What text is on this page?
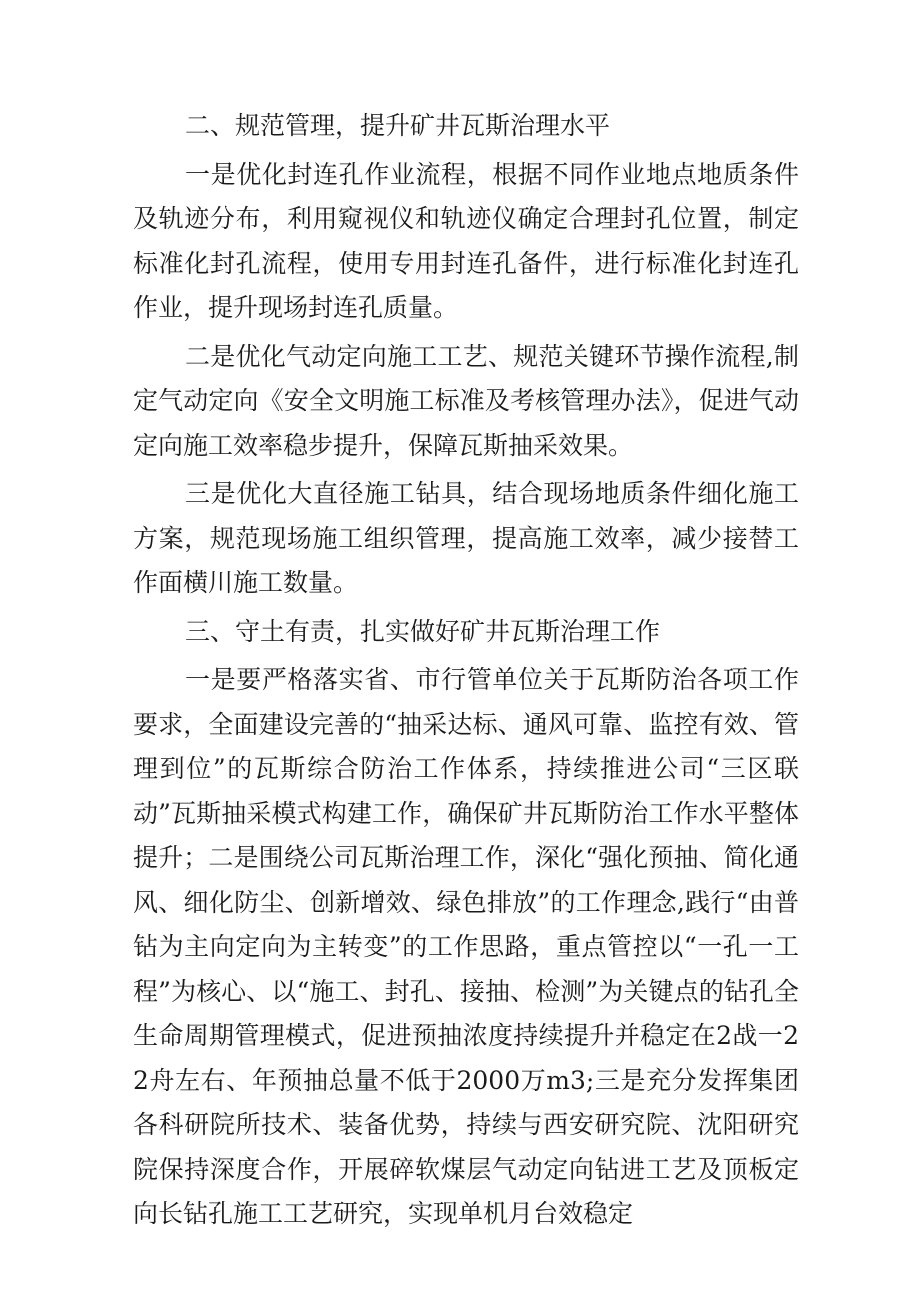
二、规范管理，提升矿井瓦斯治理水平

一是优化封连孔作业流程，根据不同作业地点地质条件及轨迹分布，利用窥视仪和轨迹仪确定合理封孔位置，制定标准化封孔流程，使用专用封连孔备件，进行标准化封连孔作业，提升现场封连孔质量。

二是优化气动定向施工工艺、规范关键环节操作流程,制定气动定向《安全文明施工标准及考核管理办法》，促进气动定向施工效率稳步提升，保障瓦斯抽采效果。

三是优化大直径施工钻具，结合现场地质条件细化施工方案，规范现场施工组织管理，提高施工效率，减少接替工作面横川施工数量。

三、守土有责，扎实做好矿井瓦斯治理工作

一是要严格落实省、市行管单位关于瓦斯防治各项工作要求，全面建设完善的“抽采达标、通风可靠、监控有效、管理到位”的瓦斯综合防治工作体系，持续推进公司“三区联动”瓦斯抽采模式构建工作，确保矿井瓦斯防治工作水平整体提升；二是围绕公司瓦斯治理工作，深化“强化预抽、简化通风、细化防尘、创新增效、绿色排放”的工作理念,践行“由普钻为主向定向为主转变”的工作思路，重点管控以“一孔一工程”为核心、以“施工、封孔、接抽、检测”为关键点的钻孔全生命周期管理模式，促进预抽浓度持续提升并稳定在2战一22舟左右、年预抽总量不低于2000万m3;三是充分发挥集团各科研院所技术、装备优势，持续与西安研究院、沈阳研究院保持深度合作，开展碎软煤层气动定向钻进工艺及顶板定向长钻孔施工工艺研究，实现单机月台效稳定
